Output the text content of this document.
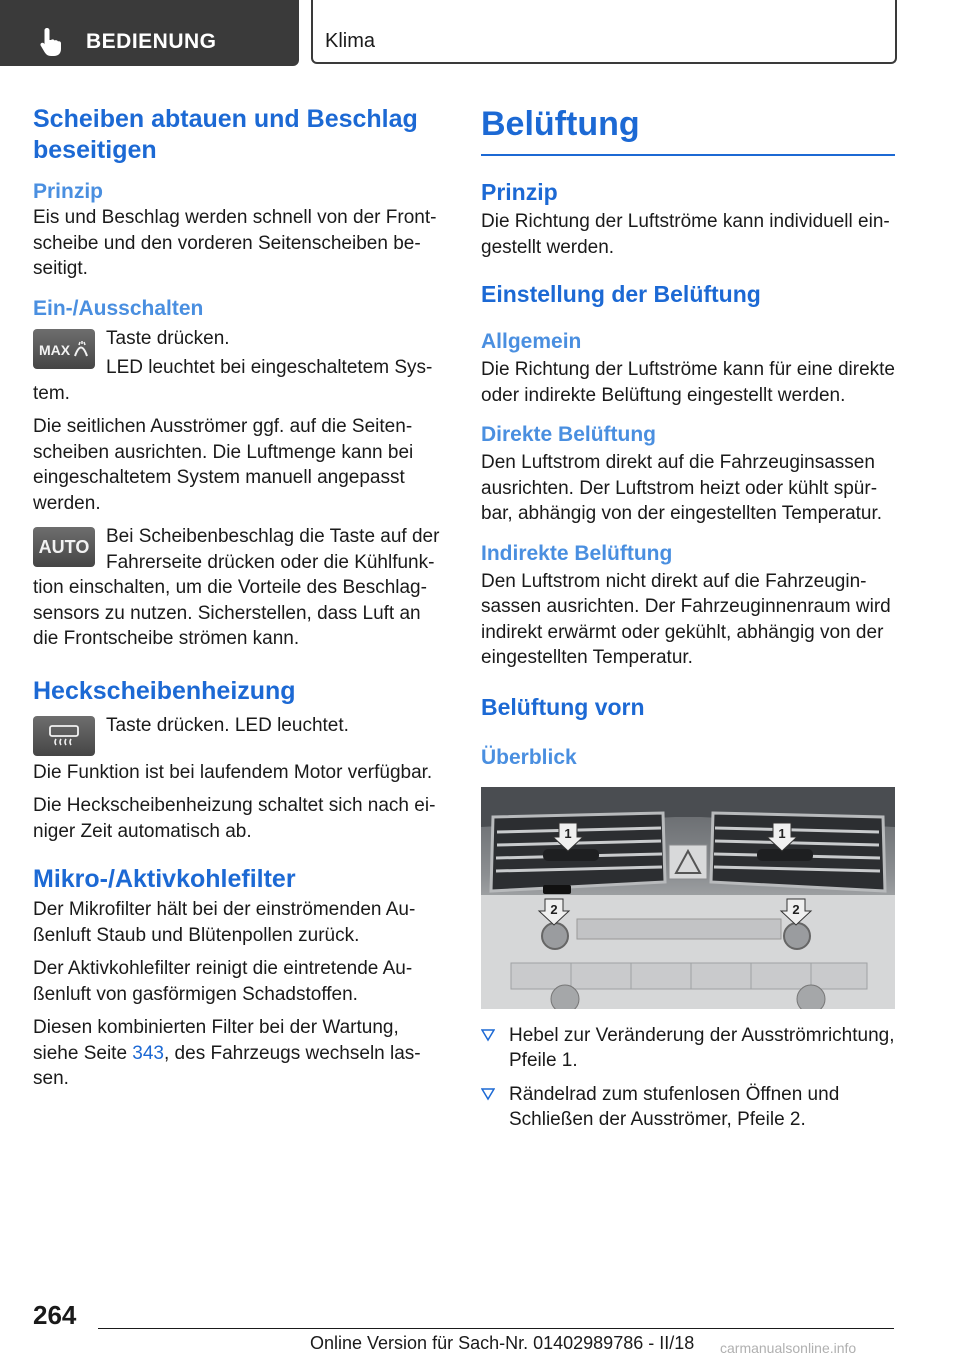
BEDIENUNG	Klima
Scheiben abtauen und Beschlag beseitigen
Prinzip

Eis und Beschlag werden schnell von der Frontscheibe und den vorderen Seitenscheiben beseitigt.

Ein-/Ausschalten
MAX

Taste drücken.

LED leuchtet bei eingeschaltetem System.

Die seitlichen Ausströmer ggf. auf die Seitenscheiben ausrichten. Die Luftmenge kann bei eingeschaltetem System manuell angepasst werden.

AUTO Bei Scheibenbeschlag die Taste auf der Fahrerseite drücken oder die Kühlfunktion einschalten, um die Vorteile des Beschlagsensors zu nutzen. Sicherstellen, dass Luft an die Frontscheibe strömen kann.

Heckscheibenheizung

Taste drücken. LED leuchtet.

Die Funktion ist bei laufendem Motor verfügbar.

Die Heckscheibenheizung schaltet sich nach einiger Zeit automatisch ab.

Mikro-/Aktivkohlefilter

Der Mikrofilter hält bei der einströmenden Außenluft Staub und Blütenpollen zurück.

Der Aktivkohlefilter reinigt die eintretende Außenluft von gasförmigen Schadstoffen.

Diesen kombinierten Filter bei der Wartung, siehe Seite 343, des Fahrzeugs wechseln lassen.

Belüftung
Prinzip

Die Richtung der Luftströme kann individuell eingestellt werden.

Einstellung der Belüftung
Allgemein

Die Richtung der Luftströme kann für eine direkte oder indirekte Belüftung eingestellt werden.

Direkte Belüftung

Den Luftstrom direkt auf die Fahrzeuginsassen ausrichten. Der Luftstrom heizt oder kühlt spürbar, abhängig von der eingestellten Temperatur.

Indirekte Belüftung

Den Luftstrom nicht direkt auf die Fahrzeuginsassen ausrichten. Der Fahrzeuginnenraum wird indirekt erwärmt oder gekühlt, abhängig von der eingestellten Temperatur.

Belüftung vorn
Überblick
1	1
2	2
Hebel zur Veränderung der Ausströmrichtung, Pfeile 1.
Rändelrad zum stufenlosen Öffnen und Schließen der Ausströmer, Pfeile 2.
264
Online Version für Sach-Nr. 01402989786 - II/18 carmanualsonline.info
